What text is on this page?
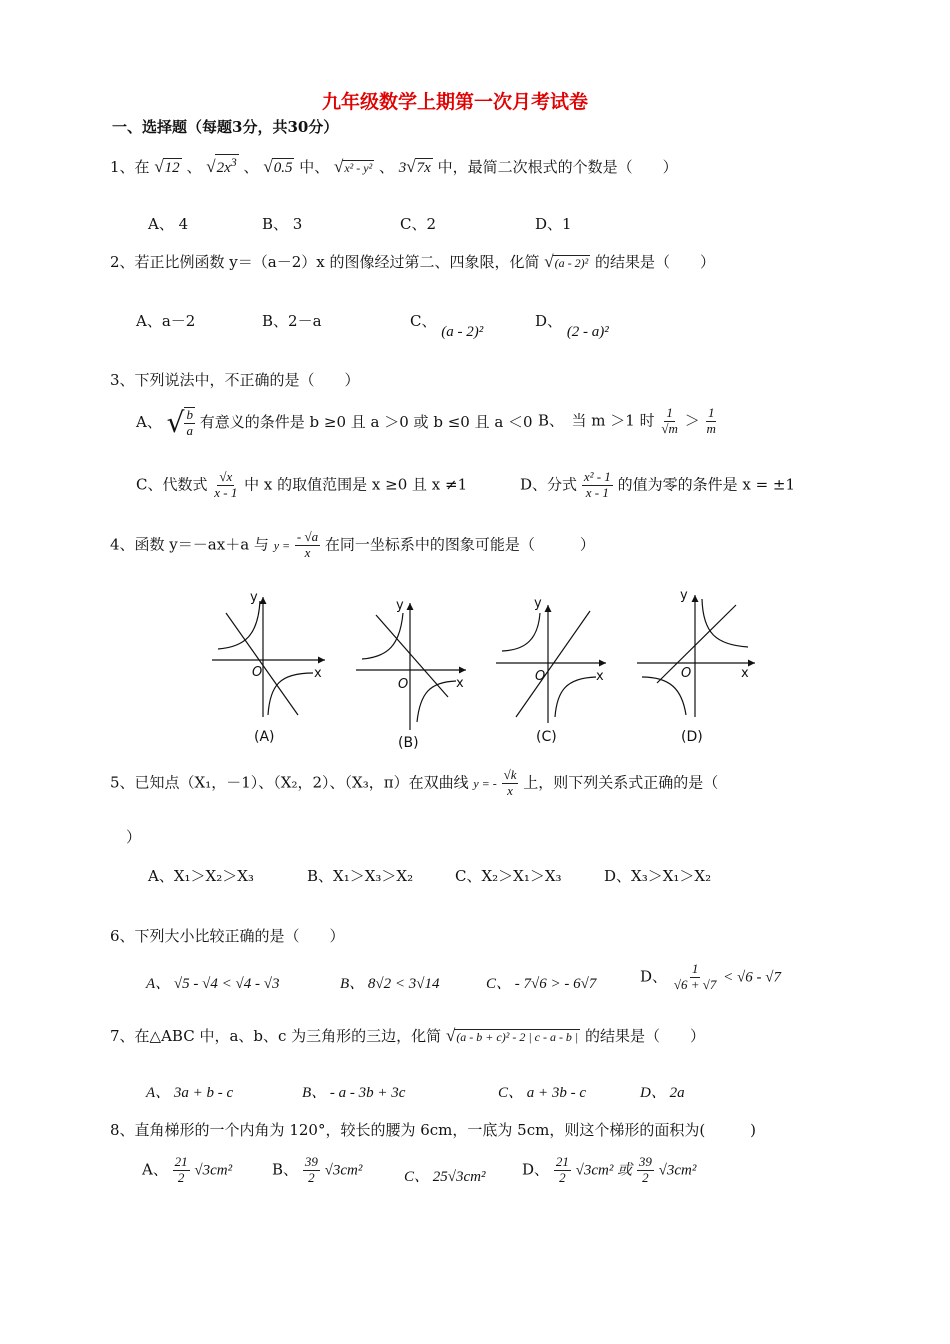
九年级数学上期第一次月考试卷
一、选择题（每题3分，共30分）
1、在 √12 、 $√2x^3$ 、 √0.5 中、 √x² - y² 、 3√7x 中，最简二次根式的个数是（　　）
A、 4	B、 3	C、2	D、1
2、若正比例函数 y＝（a－2）x 的图像经过第二、四象限，化简 √(a - 2)² 的结果是（　　）
A、a－2	B、2－a	C、 (a - 2)²
D、 (2 - a)²
3、下列说法中，不正确的是（　　）
A、 √ $\frac{b}{a}$ 有意义的条件是 b ≥0 且 a ＞0 或 b ≤0 且 a ＜0 B、　当 m ＞1 时 $\frac{1}{√m} > \frac{1}{m}$
C、代数式 $\frac{√x}{x - 1}$ 中 x 的取值范围是 x ≥0 且 x ≠1	D、分式 $\frac{\text{x² - 1}}{x - 1}$ 的值为零的条件是 x = ±1
4、函数 y＝－ax＋a 与 $y = \frac{- √a}{x}$ 在同一坐标系中的图象可能是（　　　）
y
x
O
(A)
y
x
O
(B)
y
x
O
(C)
y
x
O
(D)
5、已知点（X₁，－1）、（X₂，2）、（X₃，π）在双曲线 y = - $\frac{√k}{x}$ 上，则下列关系式正确的是（
）
A、X₁＞X₂＞X₃	B、X₁＞X₃＞X₂	C、X₂＞X₁＞X₃	D、X₃＞X₁＞X₂
6、下列大小比较正确的是（　　）
A、 √5 - √4 < √4 - √3	B、 8√2 < 3√14	C、 - 7√6 > - 6√7	D、 $\frac{1}{√6 + √7} < √6 - √7$
7、在△ABC 中，a、b、c 为三角形的三边，化简 √(a - b + c)² - 2 | c - a - b | 的结果是（　　）
A、 3a + b - c	B、 - a - 3b + 3c	C、 a + 3b - c	D、 2a
8、直角梯形的一个内角为 120°，较长的腰为 6cm，一底为 5cm，则这个梯形的面积为(　　　)
A、 $\frac{21}{2} √3cm^2$	B、 $\frac{39}{2} √3cm^2$	C、 25√3cm² D、 $\frac{21}{2} √3cm^2$ 或 $\frac{39}{2} √3cm^2$
